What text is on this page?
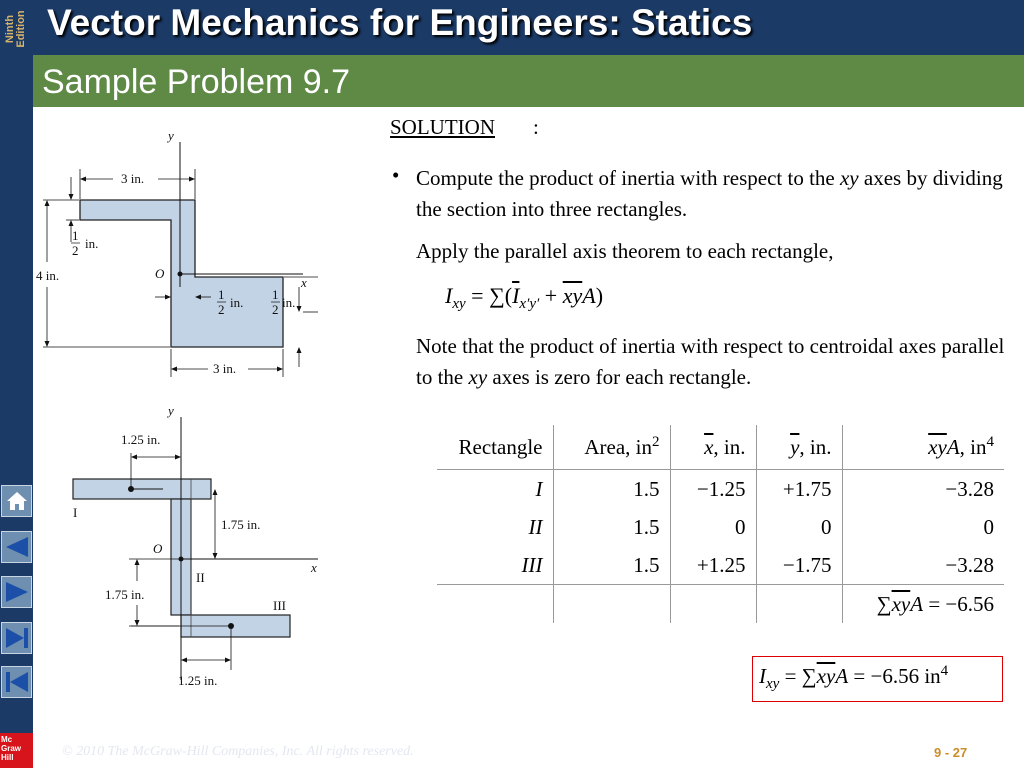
Ninth
Edition
Mc
Graw
Hill
Vector Mechanics for Engineers: Statics
Sample Problem 9.7
y
x
O
3 in.
4 in.
1
2 in.
1
2 in.
1
2 in.
3 in.
y
x
O
1.25 in.
1.75 in.
1.75 in.
1.25 in.
I
II
III
SOLUTION :
• Compute the product of inertia with respect to the xy axes by dividing the section into three rectangles.
Apply the parallel axis theorem to each rectangle,
$I_{xy} = \sum(\overline{I}_{x'y'} + \overline{x}\overline{y}A)$
Note that the product of inertia with respect to centroidal axes parallel to the xy axes is zero for each rectangle.
Rectangle	Area, $in^2$	$\overline{x}$, in.	$\overline{y}$, in.	$\overline{xy}A$, $in^4$
I	1.5	−1.25	+1.75	−3.28
II	1.5	0	0	0
III	1.5	+1.25	−1.75	−3.28
				$\sum\overline{xy}A = -6.56$
$I_{xy} = \sum\overline{xy}A = -6.56$ $in^4$
© 2010 The McGraw-Hill Companies, Inc. All rights reserved.	9 - 27
